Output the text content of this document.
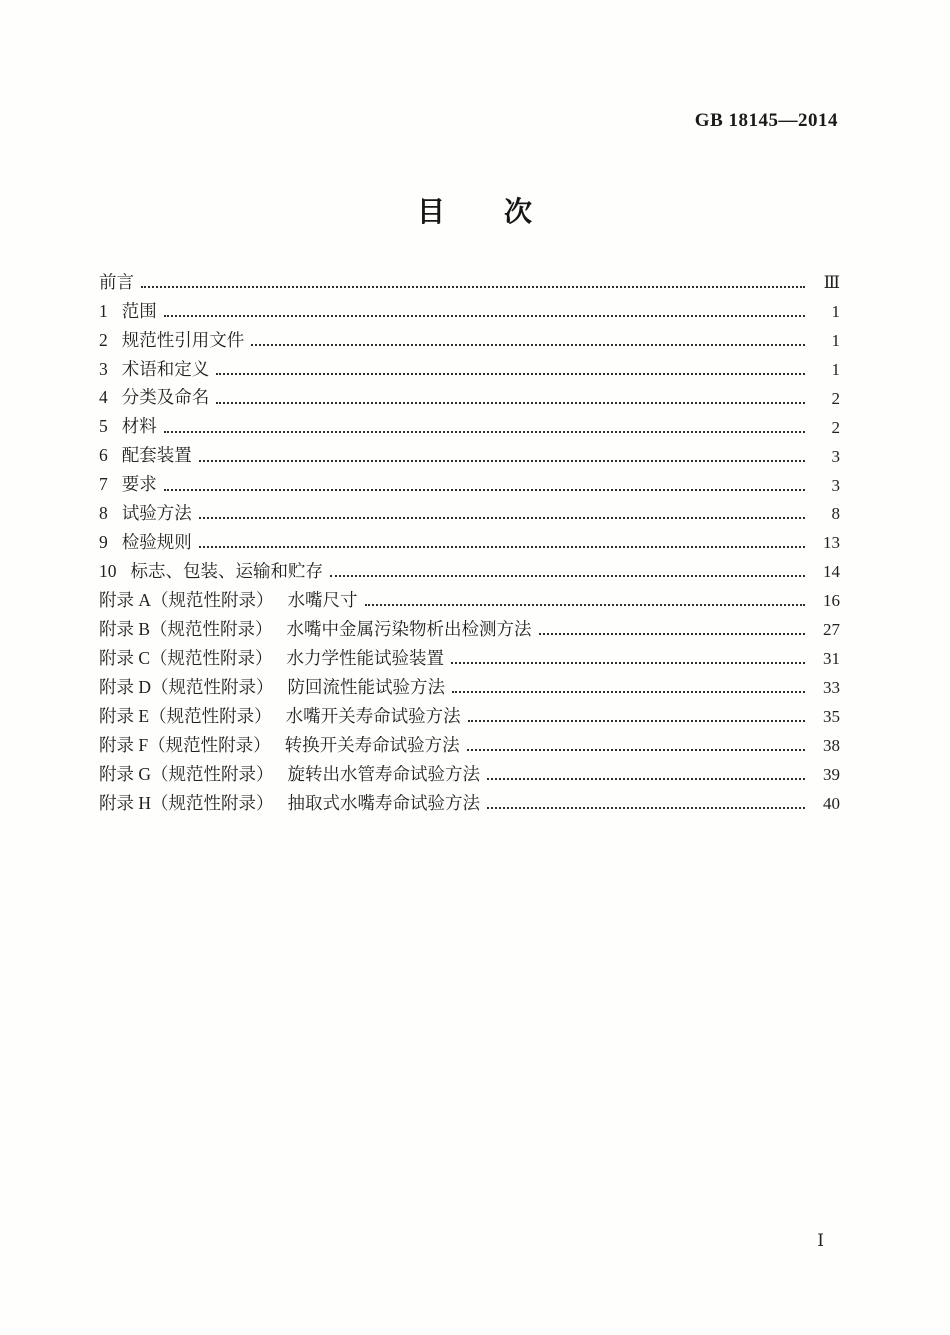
GB 18145—2014
目　　次
前言	Ⅲ
1 范围	1
2 规范性引用文件	1
3 术语和定义	1
4 分类及命名	2
5 材料	2
6 配套装置	3
7 要求	3
8 试验方法	8
9 检验规则	13
10 标志、包装、运输和贮存	14
附录 A（规范性附录） 水嘴尺寸	16
附录 B（规范性附录） 水嘴中金属污染物析出检测方法	27
附录 C（规范性附录） 水力学性能试验装置	31
附录 D（规范性附录） 防回流性能试验方法	33
附录 E（规范性附录） 水嘴开关寿命试验方法	35
附录 F（规范性附录） 转换开关寿命试验方法	38
附录 G（规范性附录） 旋转出水管寿命试验方法	39
附录 H（规范性附录） 抽取式水嘴寿命试验方法	40
Ⅰ
